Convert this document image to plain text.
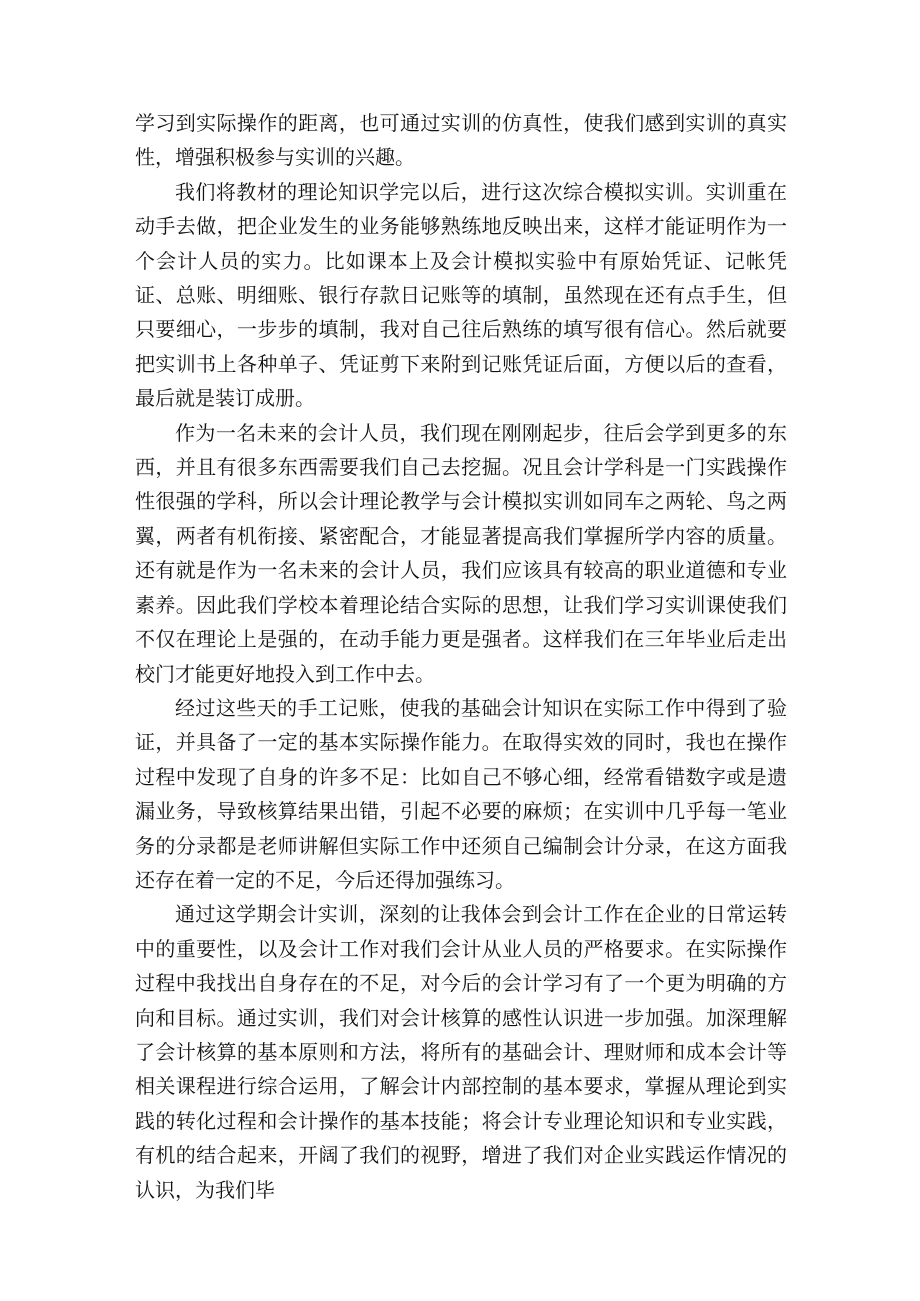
学习到实际操作的距离，也可通过实训的仿真性，使我们感到实训的真实性，增强积极参与实训的兴趣。

我们将教材的理论知识学完以后，进行这次综合模拟实训。实训重在动手去做，把企业发生的业务能够熟练地反映出来，这样才能证明作为一个会计人员的实力。比如课本上及会计模拟实验中有原始凭证、记帐凭证、总账、明细账、银行存款日记账等的填制，虽然现在还有点手生，但只要细心，一步步的填制，我对自己往后熟练的填写很有信心。然后就要把实训书上各种单子、凭证剪下来附到记账凭证后面，方便以后的查看，最后就是装订成册。

作为一名未来的会计人员，我们现在刚刚起步，往后会学到更多的东西，并且有很多东西需要我们自己去挖掘。况且会计学科是一门实践操作性很强的学科，所以会计理论教学与会计模拟实训如同车之两轮、鸟之两翼，两者有机衔接、紧密配合，才能显著提高我们掌握所学内容的质量。还有就是作为一名未来的会计人员，我们应该具有较高的职业道德和专业素养。因此我们学校本着理论结合实际的思想，让我们学习实训课使我们不仅在理论上是强的，在动手能力更是强者。这样我们在三年毕业后走出校门才能更好地投入到工作中去。

经过这些天的手工记账，使我的基础会计知识在实际工作中得到了验证，并具备了一定的基本实际操作能力。在取得实效的同时，我也在操作过程中发现了自身的许多不足：比如自己不够心细，经常看错数字或是遗漏业务，导致核算结果出错，引起不必要的麻烦；在实训中几乎每一笔业务的分录都是老师讲解但实际工作中还须自己编制会计分录，在这方面我还存在着一定的不足，今后还得加强练习。

通过这学期会计实训，深刻的让我体会到会计工作在企业的日常运转中的重要性，以及会计工作对我们会计从业人员的严格要求。在实际操作过程中我找出自身存在的不足，对今后的会计学习有了一个更为明确的方向和目标。通过实训，我们对会计核算的感性认识进一步加强。加深理解了会计核算的基本原则和方法，将所有的基础会计、理财师和成本会计等相关课程进行综合运用，了解会计内部控制的基本要求，掌握从理论到实践的转化过程和会计操作的基本技能；将会计专业理论知识和专业实践，有机的结合起来，开阔了我们的视野，增进了我们对企业实践运作情况的认识，为我们毕
